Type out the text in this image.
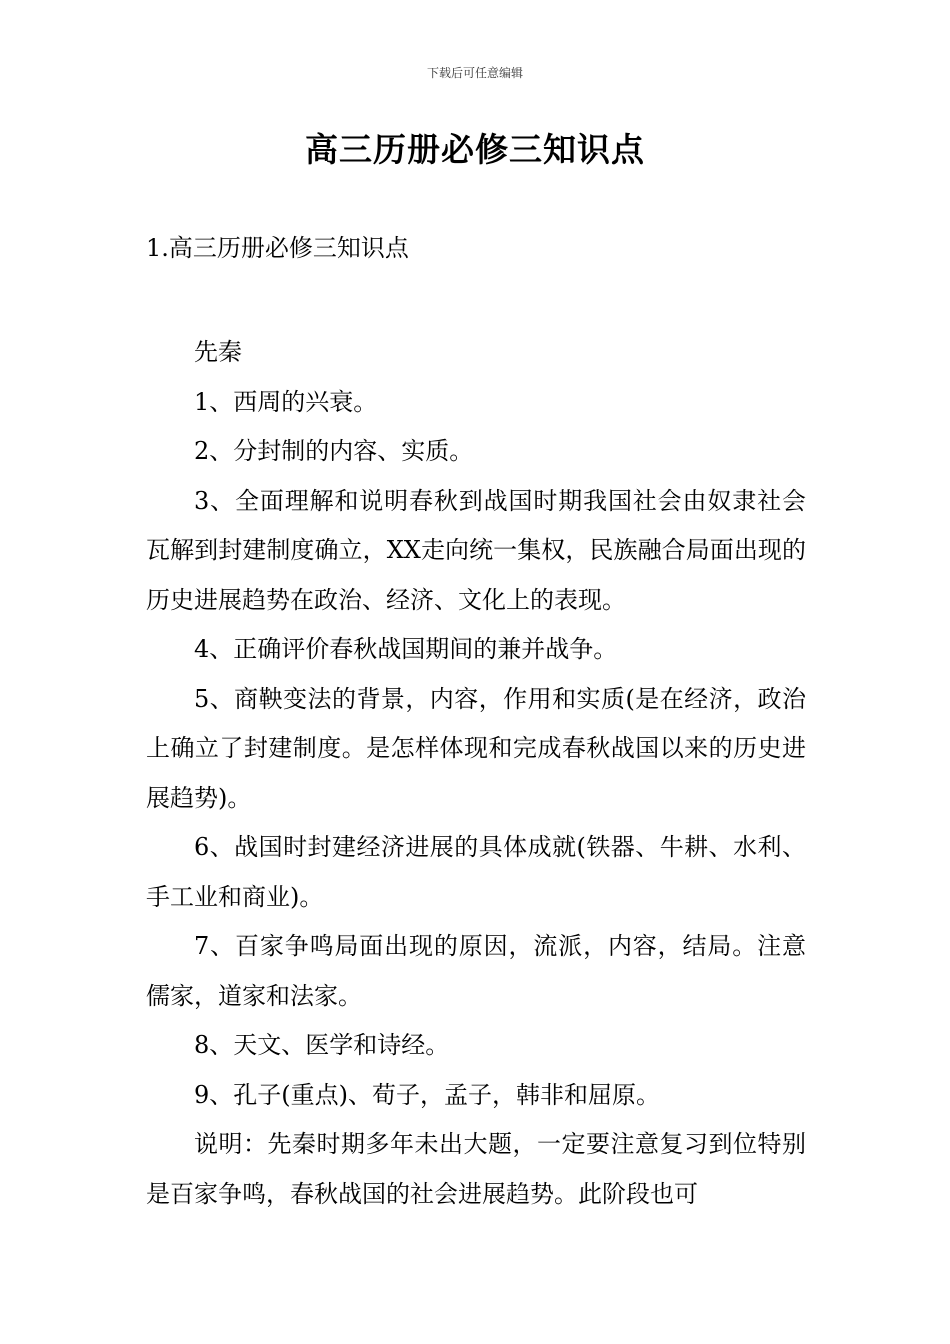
下载后可任意编辑
高三历册必修三知识点
1.高三历册必修三知识点

先秦

1、西周的兴衰。

2、分封制的内容、实质。

3、全面理解和说明春秋到战国时期我国社会由奴隶社会瓦解到封建制度确立，XX走向统一集权，民族融合局面出现的历史进展趋势在政治、经济、文化上的表现。

4、正确评价春秋战国期间的兼并战争。

5、商鞅变法的背景，内容，作用和实质(是在经济，政治上确立了封建制度。是怎样体现和完成春秋战国以来的历史进展趋势)。

6、战国时封建经济进展的具体成就(铁器、牛耕、水利、手工业和商业)。

7、百家争鸣局面出现的原因，流派，内容，结局。注意儒家，道家和法家。

8、天文、医学和诗经。

9、孔子(重点)、荀子，孟子，韩非和屈原。

说明：先秦时期多年未出大题，一定要注意复习到位特别是百家争鸣，春秋战国的社会进展趋势。此阶段也可
